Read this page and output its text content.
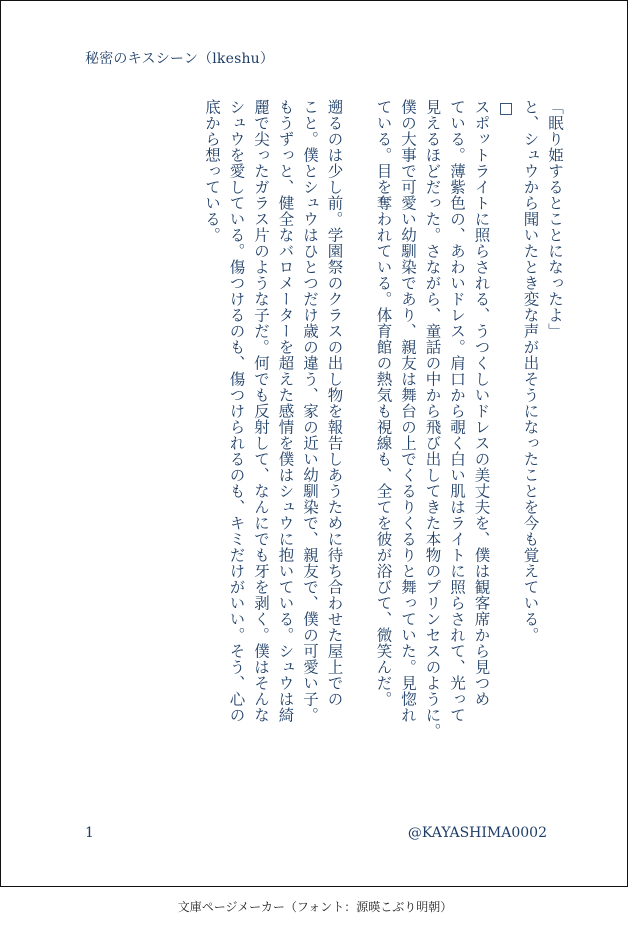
秘密のキスシーン（lkeshu）
「眠り姫するとことになったよ」
と、シュウから聞いたとき変な声が出そうになったことを今も覚えている。
□
スポットライトに照らされる、うつくしいドレスの美丈夫を、僕は観客席から見つめ
ている。薄紫色の、あわいドレス。肩口から覗く白い肌はライトに照らされて、光って
見えるほどだった。さながら、童話の中から飛び出してきた本物のプリンセスのように。
僕の大事で可愛い幼馴染であり、親友は舞台の上でくるりくるりと舞っていた。見惚れ
ている。目を奪われている。体育館の熱気も視線も、全てを彼が浴びて、微笑んだ。
遡るのは少し前。学園祭のクラスの出し物を報告しあうために待ち合わせた屋上での
こと。僕とシュウはひとつだけ歳の違う、家の近い幼馴染で、親友で、僕の可愛い子。
もうずっと、健全なバロメーターを超えた感情を僕はシュウに抱いている。シュウは綺
麗で尖ったガラス片のような子だ。何でも反射して、なんにでも牙を剥く。僕はそんな
シュウを愛している。傷つけるのも、傷つけられるのも、キミだけがいい。そう、心の
底から想っている。
1	@KAYASHIMA0002
文庫ページメーカー（フォント：源暎こぶり明朝）
